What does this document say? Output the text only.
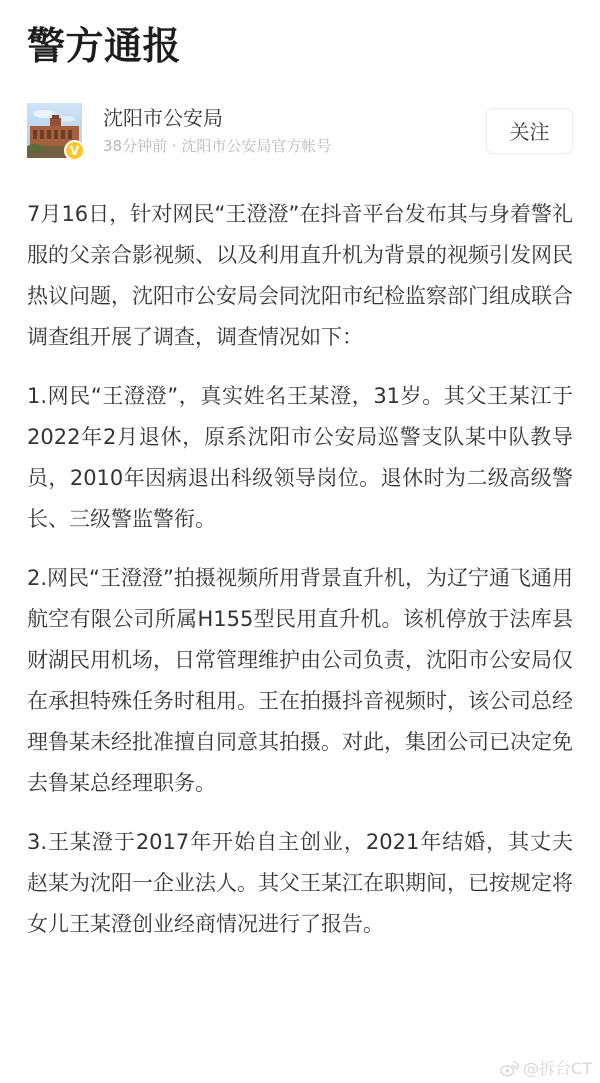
警方通报
V
沈阳市公安局
38分钟前 · 沈阳市公安局官方帐号
关注

7月16日，针对网民“王澄澄”在抖音平台发布其与身着警礼服的父亲合影视频、以及利用直升机为背景的视频引发网民热议问题，沈阳市公安局会同沈阳市纪检监察部门组成联合调查组开展了调查，调查情况如下：

1.网民“王澄澄”，真实姓名王某澄，31岁。其父王某江于2022年2月退休，原系沈阳市公安局巡警支队某中队教导员，2010年因病退出科级领导岗位。退休时为二级高级警长、三级警监警衔。

2.网民“王澄澄”拍摄视频所用背景直升机，为辽宁通飞通用航空有限公司所属H155型民用直升机。该机停放于法库县财湖民用机场，日常管理维护由公司负责，沈阳市公安局仅在承担特殊任务时租用。王在拍摄抖音视频时，该公司总经理鲁某未经批准擅自同意其拍摄。对此，集团公司已决定免去鲁某总经理职务。

3.王某澄于2017年开始自主创业，2021年结婚，其丈夫赵某为沈阳一企业法人。其父王某江在职期间，已按规定将女儿王某澄创业经商情况进行了报告。

@拆台CT
